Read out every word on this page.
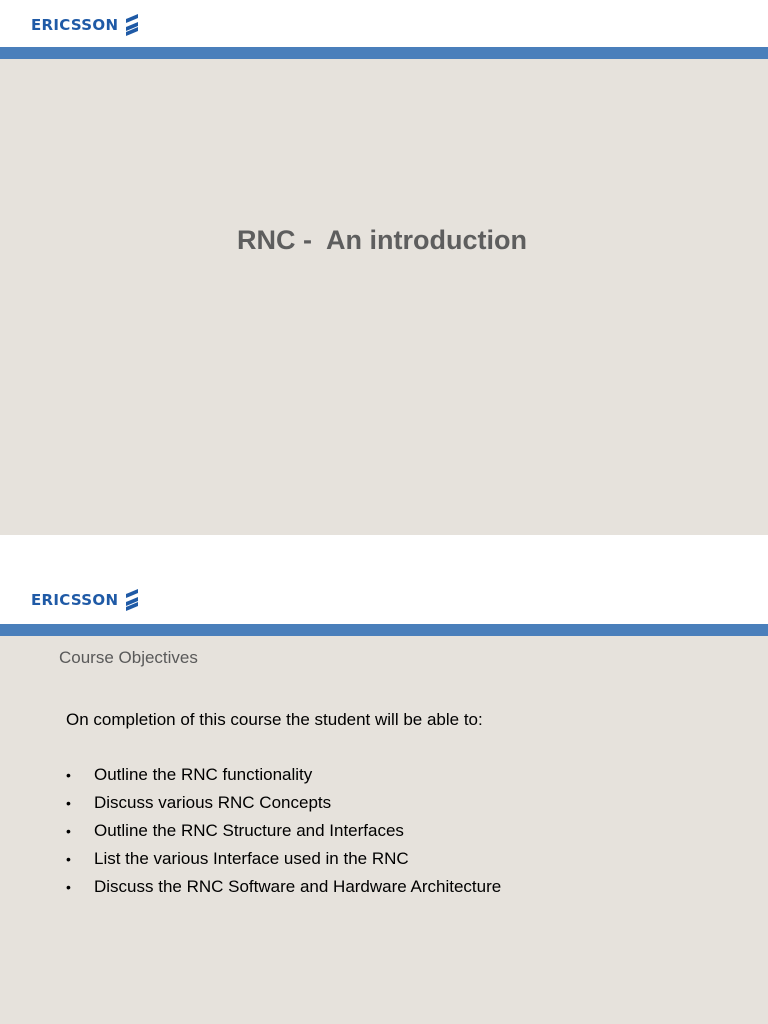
ERICSSON
RNC -  An introduction
ERICSSON
Course Objectives
On completion of this course the student will be able to:
•	Outline the RNC functionality
•	Discuss various RNC Concepts
•	Outline the RNC Structure and Interfaces
•	List the various Interface used in the RNC
•	Discuss the RNC Software and Hardware Architecture
